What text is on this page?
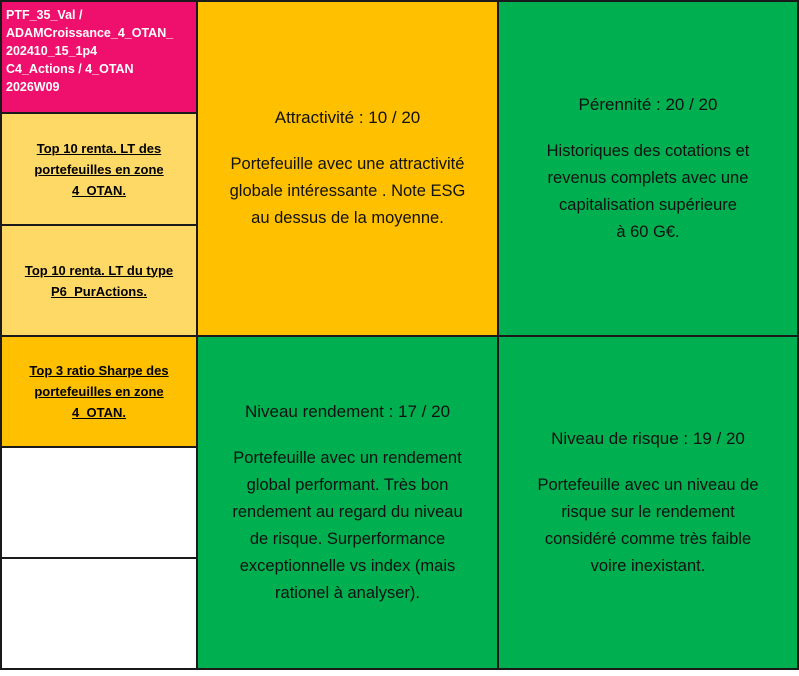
PTF_35_Val /
ADAMCroissance_4_OTAN_
202410_15_1p4
C4_Actions / 4_OTAN
2026W09
Top 10 renta. LT des
portefeuilles en zone
4_OTAN.
Top 10 renta. LT du type
P6_PurActions.
Top 3 ratio Sharpe des
portefeuilles en zone
4_OTAN.
Attractivité : 10 / 20
Portefeuille avec une attractivité
globale intéressante . Note ESG
au dessus de la moyenne.
Pérennité : 20 / 20
Historiques des cotations et
revenus complets avec une
capitalisation supérieure
à 60 G€.
Niveau rendement : 17 / 20
Portefeuille avec un rendement
global performant. Très bon
rendement au regard du niveau
de risque. Surperformance
exceptionnelle vs index (mais
rationel à analyser).
Niveau de risque : 19 / 20
Portefeuille avec un niveau de
risque sur le rendement
considéré comme très faible
voire inexistant.
